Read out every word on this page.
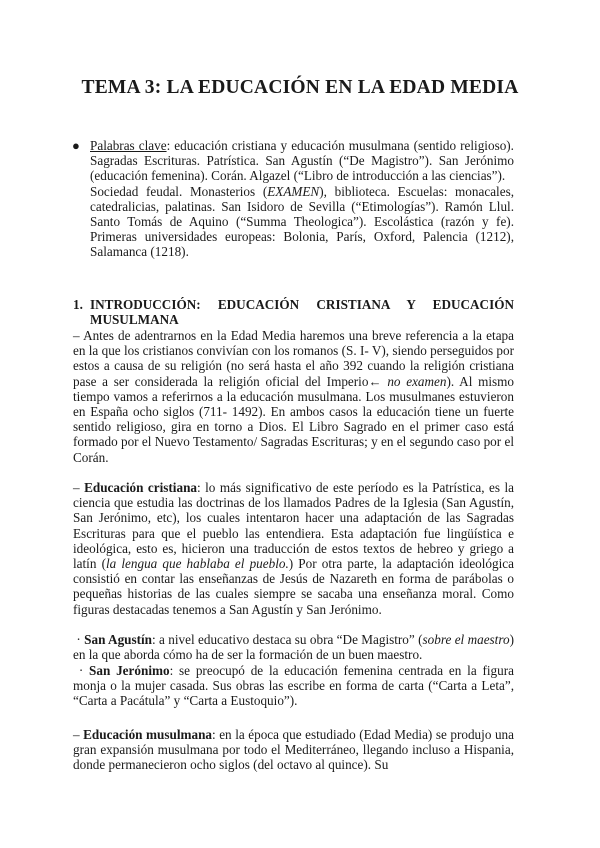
TEMA 3: LA EDUCACIÓN EN LA EDAD MEDIA
● Palabras clave: educación cristiana y educación musulmana (sentido religioso). Sagradas Escrituras. Patrística. San Agustín (“De Magistro”). San Jerónimo (educación femenina). Corán. Algazel (“Libro de introducción a las ciencias”).
Sociedad feudal. Monasterios (EXAMEN), biblioteca. Escuelas: monacales, catedralicias, palatinas. San Isidoro de Sevilla (“Etimologías”). Ramón Llul. Santo Tomás de Aquino (“Summa Theologica”). Escolástica (razón y fe). Primeras universidades europeas: Bolonia, París, Oxford, Palencia (1212), Salamanca (1218).
1. INTRODUCCIÓN: EDUCACIÓN CRISTIANA Y EDUCACIÓN MUSULMANA

– Antes de adentrarnos en la Edad Media haremos una breve referencia a la etapa en la que los cristianos convivían con los romanos (S. I- V), siendo perseguidos por estos a causa de su religión (no será hasta el año 392 cuando la religión cristiana pase a ser considerada la religión oficial del Imperio← no examen). Al mismo tiempo vamos a referirnos a la educación musulmana. Los musulmanes estuvieron en España ocho siglos (711- 1492). En ambos casos la educación tiene un fuerte sentido religioso, gira en torno a Dios. El Libro Sagrado en el primer caso está formado por el Nuevo Testamento/ Sagradas Escrituras; y en el segundo caso por el Corán.

– Educación cristiana: lo más significativo de este período es la Patrística, es la ciencia que estudia las doctrinas de los llamados Padres de la Iglesia (San Agustín, San Jerónimo, etc), los cuales intentaron hacer una adaptación de las Sagradas Escrituras para que el pueblo las entendiera. Esta adaptación fue lingüística e ideológica, esto es, hicieron una traducción de estos textos de hebreo y griego a latín (la lengua que hablaba el pueblo.) Por otra parte, la adaptación ideológica consistió en contar las enseñanzas de Jesús de Nazareth en forma de parábolas o pequeñas historias de las cuales siempre se sacaba una enseñanza moral. Como figuras destacadas tenemos a San Agustín y San Jerónimo.

· San Agustín: a nivel educativo destaca su obra “De Magistro” (sobre el maestro) en la que aborda cómo ha de ser la formación de un buen maestro.

· San Jerónimo: se preocupó de la educación femenina centrada en la figura monja o la mujer casada. Sus obras las escribe en forma de carta (“Carta a Leta”, “Carta a Pacátula” y “Carta a Eustoquio”).

– Educación musulmana: en la época que estudiado (Edad Media) se produjo una gran expansión musulmana por todo el Mediterráneo, llegando incluso a Hispania, donde permanecieron ocho siglos (del octavo al quince). Su
